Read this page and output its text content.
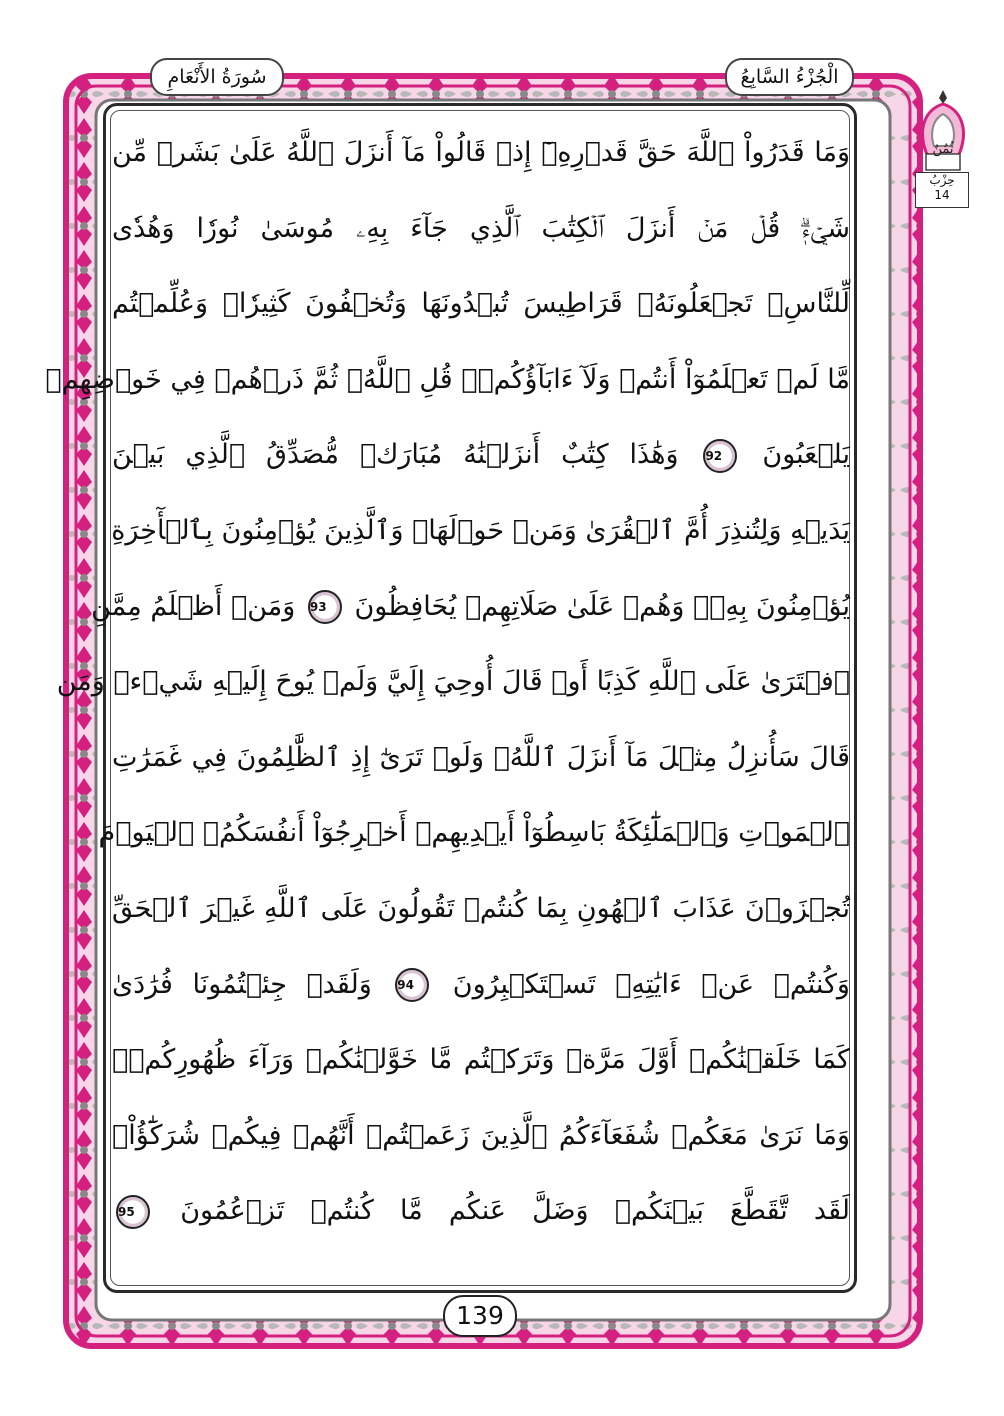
الْجُزْءُ السَّابِعُ
سُورَةُ الأَنْعَامِ
ثُمُنٌ
حِزْبُ
14
وَمَا قَدَرُواْ ٱللَّهَ حَقَّ قَدۡرِهِۦٓ إِذۡ قَالُواْ مَآ أَنزَلَ ٱللَّهُ عَلَىٰ بَشَرٖ مِّن
شَيۡءٖۗ قُلۡ مَنۡ أَنزَلَ ٱلۡكِتَٰبَ ٱلَّذِي جَآءَ بِهِۦ مُوسَىٰ نُورٗا وَهُدٗى
لِّلنَّاسِۖ تَجۡعَلُونَهُۥ قَرَاطِيسَ تُبۡدُونَهَا وَتُخۡفُونَ كَثِيرٗاۖ وَعُلِّمۡتُم
مَّا لَمۡ تَعۡلَمُوٓاْ أَنتُمۡ وَلَآ ءَابَآؤُكُمۡۖ قُلِ ٱللَّهُۖ ثُمَّ ذَرۡهُمۡ فِي خَوۡضِهِمۡ
يَلۡعَبُونَ 92 وَهَٰذَا كِتَٰبٌ أَنزَلۡنَٰهُ مُبَارَكٞ مُّصَدِّقُ ٱلَّذِي بَيۡنَ
يَدَيۡهِ وَلِتُنذِرَ أُمَّ ٱلۡقُرَىٰ وَمَنۡ حَوۡلَهَاۚ وَٱلَّذِينَ يُؤۡمِنُونَ بِٱلۡأٓخِرَةِ
يُؤۡمِنُونَ بِهِۦۖ وَهُمۡ عَلَىٰ صَلَاتِهِمۡ يُحَافِظُونَ 93 وَمَنۡ أَظۡلَمُ مِمَّنِ
ٱفۡتَرَىٰ عَلَى ٱللَّهِ كَذِبًا أَوۡ قَالَ أُوحِيَ إِلَيَّ وَلَمۡ يُوحَ إِلَيۡهِ شَيۡءٞ وَمَن
قَالَ سَأُنزِلُ مِثۡلَ مَآ أَنزَلَ ٱللَّهُۗ وَلَوۡ تَرَىٰٓ إِذِ ٱلظَّٰلِمُونَ فِي غَمَرَٰتِ
ٱلۡمَوۡتِ وَٱلۡمَلَٰٓئِكَةُ بَاسِطُوٓاْ أَيۡدِيهِمۡ أَخۡرِجُوٓاْ أَنفُسَكُمُۖ ٱلۡيَوۡمَ
تُجۡزَوۡنَ عَذَابَ ٱلۡهُونِ بِمَا كُنتُمۡ تَقُولُونَ عَلَى ٱللَّهِ غَيۡرَ ٱلۡحَقِّ
وَكُنتُمۡ عَنۡ ءَايَٰتِهِۦ تَسۡتَكۡبِرُونَ 94 وَلَقَدۡ جِئۡتُمُونَا فُرَٰدَىٰ
كَمَا خَلَقۡنَٰكُمۡ أَوَّلَ مَرَّةٖ وَتَرَكۡتُم مَّا خَوَّلۡنَٰكُمۡ وَرَآءَ ظُهُورِكُمۡۖ
وَمَا نَرَىٰ مَعَكُمۡ شُفَعَآءَكُمُ ٱلَّذِينَ زَعَمۡتُمۡ أَنَّهُمۡ فِيكُمۡ شُرَكَٰٓؤُاْۚ
لَقَد تَّقَطَّعَ بَيۡنَكُمۡ وَضَلَّ عَنكُم مَّا كُنتُمۡ تَزۡعُمُونَ 95
139
